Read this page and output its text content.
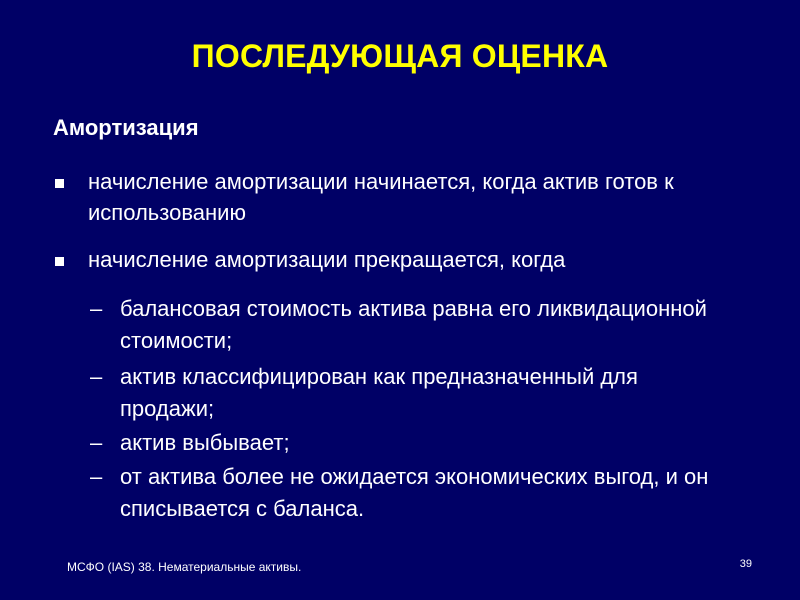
ПОСЛЕДУЮЩАЯ ОЦЕНКА
Амортизация
начисление амортизации начинается, когда актив готов к использованию
начисление амортизации прекращается, когда
– балансовая стоимость актива равна его ликвидационной стоимости;
– актив классифицирован как предназначенный для продажи;
– актив выбывает;
– от актива более не ожидается экономических выгод, и он списывается с баланса.
МСФО (IAS) 38. Нематериальные активы.	39
